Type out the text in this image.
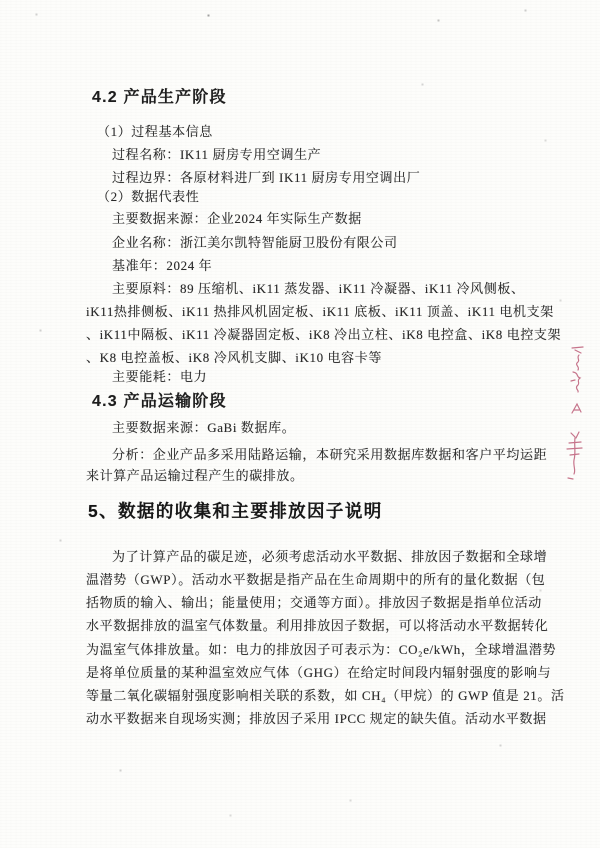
4.2 产品生产阶段
（1）过程基本信息
过程名称：IK11 厨房专用空调生产
过程边界：各原材料进厂到 IK11 厨房专用空调出厂
（2）数据代表性
主要数据来源：企业2024 年实际生产数据
企业名称：浙江美尔凯特智能厨卫股份有限公司
基准年：2024 年
主要原料：89 压缩机、iK11 蒸发器、iK11 冷凝器、iK11 冷风侧板、
iK11热排侧板、iK11 热排风机固定板、iK11 底板、iK11 顶盖、iK11 电机支架
、iK11中隔板、iK11 冷凝器固定板、iK8 冷出立柱、iK8 电控盒、iK8 电控支架
、K8 电控盖板、iK8 冷风机支脚、iK10 电容卡等
主要能耗：电力
4.3 产品运输阶段
主要数据来源：GaBi 数据库。
分析：企业产品多采用陆路运输，本研究采用数据库数据和客户平均运距
来计算产品运输过程产生的碳排放。
5、数据的收集和主要排放因子说明
为了计算产品的碳足迹，必须考虑活动水平数据、排放因子数据和全球增
温潜势（GWP）。活动水平数据是指产品在生命周期中的所有的量化数据（包
括物质的输入、输出；能量使用；交通等方面）。排放因子数据是指单位活动
水平数据排放的温室气体数量。利用排放因子数据，可以将活动水平数据转化
为温室气体排放量。如：电力的排放因子可表示为：CO₂e/kWh，全球增温潜势
是将单位质量的某种温室效应气体（GHG）在给定时间段内辐射强度的影响与
等量二氧化碳辐射强度影响相关联的系数，如 CH₄（甲烷）的 GWP 值是 21。活
动水平数据来自现场实测；排放因子采用 IPCC 规定的缺失值。活动水平数据
